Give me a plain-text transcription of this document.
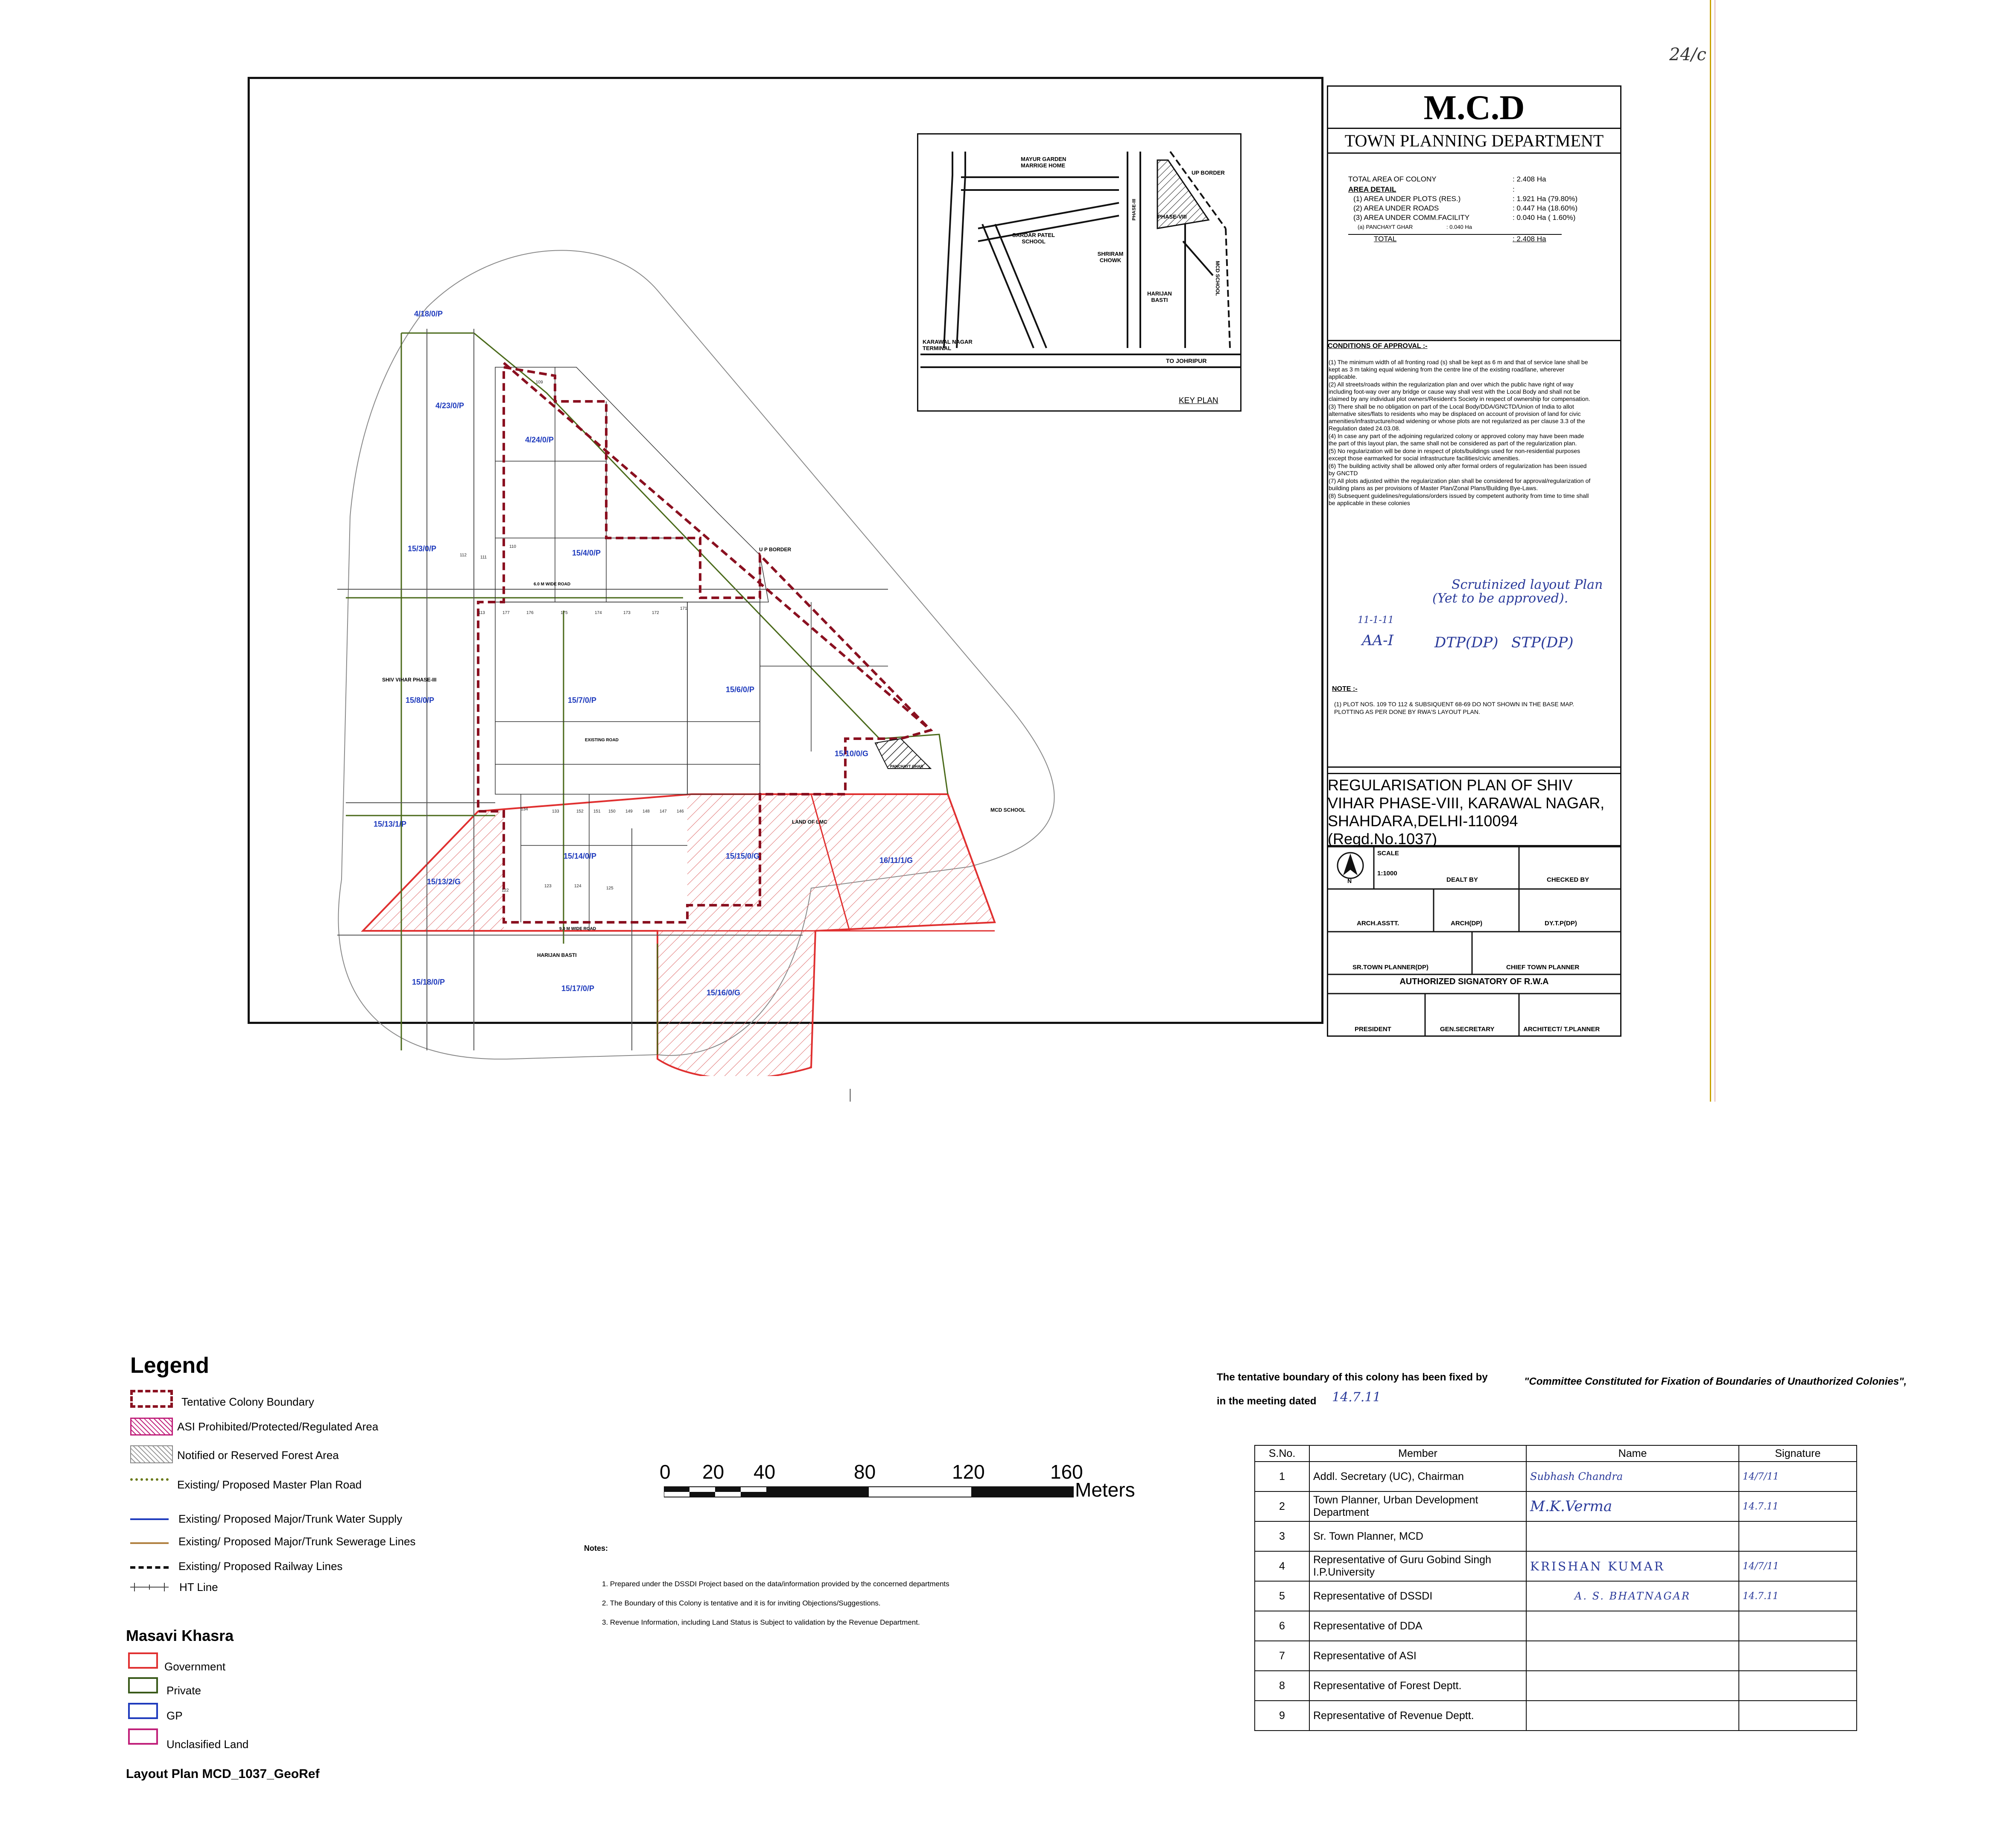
24/c
4/18/0/P
4/23/0/P
4/24/0/P
15/3/0/P	15/4/0/P
15/8/0/P	15/7/0/P
15/6/0/P
15/10/0/G
15/13/1/P
15/13/2/G
15/14/0/P	15/15/0/G	16/11/1/G
15/18/0/P
15/17/0/P	15/16/0/G
U P BORDER
SHIV VIHAR PHASE-III
LAND OF LMC
MCD SCHOOL
HARIJAN BASTI
6.0 M WIDE ROAD
9.0 M WIDE ROAD
EXISTING ROAD
PANCHAYT GHAR
109
110
111
112
113	177	176	175	174	173	172
171
134	133
125
124
123
122
152 151 150 149 148 147 146
MAYUR GARDEN MARRIGE HOME
UP BORDER
PHASE-III	PHASE-VIII
SARDAR PATEL SCHOOL
SHRIRAM CHOWK
MCD SCHOOL
HARIJAN BASTI
KARAWAL NAGAR TERMINAL
TO JOHRIPUR
KEY PLAN
M.C.D
TOWN PLANNING DEPARTMENT
TOTAL AREA OF COLONY	: 2.408 Ha
AREA DETAIL	:
(1) AREA UNDER PLOTS (RES.)	: 1.921 Ha (79.80%)
(2) AREA UNDER ROADS	: 0.447 Ha (18.60%)
(3) AREA UNDER COMM.FACILITY	: 0.040 Ha ( 1.60%)
(a) PANCHAYT GHAR	: 0.040 Ha
TOTAL	: 2.408 Ha
CONDITIONS OF APPROVAL :-

(1) The minimum width of all fronting road (s) shall be kept as 6 m and that of service lane shall be kept as 3 m taking equal widening from the centre line of the existing road/lane, wherever applicable.

(2) All streets/roads within the regularization plan and over which the public have right of way including foot-way over any bridge or cause way shall vest with the Local Body and shall not be claimed by any individual plot owners/Resident's Society in respect of ownership for compensation.

(3) There shall be no obligation on part of the Local Body/DDA/GNCTD/Union of India to allot alternative sites/flats to residents who may be displaced on account of provision of land for civic amenities/infrastructure/road widening or whose plots are not regularized as per clause 3.3 of the Regulation dated 24.03.08.

(4) In case any part of the adjoining regularized colony or approved colony may have been made the part of this layout plan, the same shall not be considered as part of the regularization plan.

(5) No regularization will be done in respect of plots/buildings used for non-residential purposes except those earmarked for social infrastructure facilities/civic amenities.

(6) The building activity shall be allowed only after formal orders of regularization has been issued by GNCTD

(7) All plots adjusted within the regularization plan shall be considered for approval/regularization of building plans as per provisions of Master Plan/Zonal Plans/Building Bye-Laws.

(8) Subsequent guidelines/regulations/orders issued by competent authority from time to time shall be applicable in these colonies

Scrutinized layout Plan
(Yet to be approved).
11-1-11
AA-I	DTP(DP) STP(DP)
NOTE :-
(1) PLOT NOS. 109 TO 112 & SUBSIQUENT 68-69 DO NOT SHOWN IN THE BASE MAP. PLOTTING AS PER DONE BY RWA'S LAYOUT PLAN.
REGULARISATION PLAN OF SHIV VIHAR PHASE-VIII, KARAWAL NAGAR, SHAHDARA,DELHI-110094 (Regd.No.1037)
N
SCALE
1:1000
DEALT BY	CHECKED BY
ARCH.ASSTT.	ARCH(DP)	DY.T.P(DP)
SR.TOWN PLANNER(DP)	CHIEF TOWN PLANNER
AUTHORIZED SIGNATORY OF R.W.A
PRESIDENT	GEN.SECRETARY	ARCHITECT/ T.PLANNER
0 20 40	80	120	160
Meters
Notes:
1. Prepared under the DSSDI Project based on the data/information provided by the concerned departments
2. The Boundary of this Colony is tentative and it is for inviting Objections/Suggestions.
3. Revenue Information, including Land Status is Subject to validation by the Revenue Department.
Legend
Tentative Colony Boundary
ASI Prohibited/Protected/Regulated Area
Notified or Reserved Forest Area
Existing/ Proposed Master Plan Road
Existing/ Proposed Major/Trunk Water Supply
Existing/ Proposed Major/Trunk Sewerage Lines
Existing/ Proposed Railway Lines
HT Line
Masavi Khasra
Government
Private
GP
Unclasified Land
Layout Plan MCD_1037_GeoRef
The tentative boundary of this colony has been fixed by	"Committee Constituted for Fixation of Boundaries of Unauthorized Colonies",
in the meeting dated 14.7.11
S.No.	Member	Name	Signature
1	Addl. Secretary (UC), Chairman	Subhash Chandra	14/7/11
2	Town Planner, Urban Development Department	M.K.Verma	14.7.11
3	Sr. Town Planner, MCD		
4	Representative of Guru Gobind Singh I.P.University	KRISHAN KUMAR	14/7/11
5	Representative of DSSDI	A. S. BHATNAGAR	14.7.11
6	Representative of DDA		
7	Representative of ASI		
8	Representative of Forest Deptt.		
9	Representative of Revenue Deptt.		
